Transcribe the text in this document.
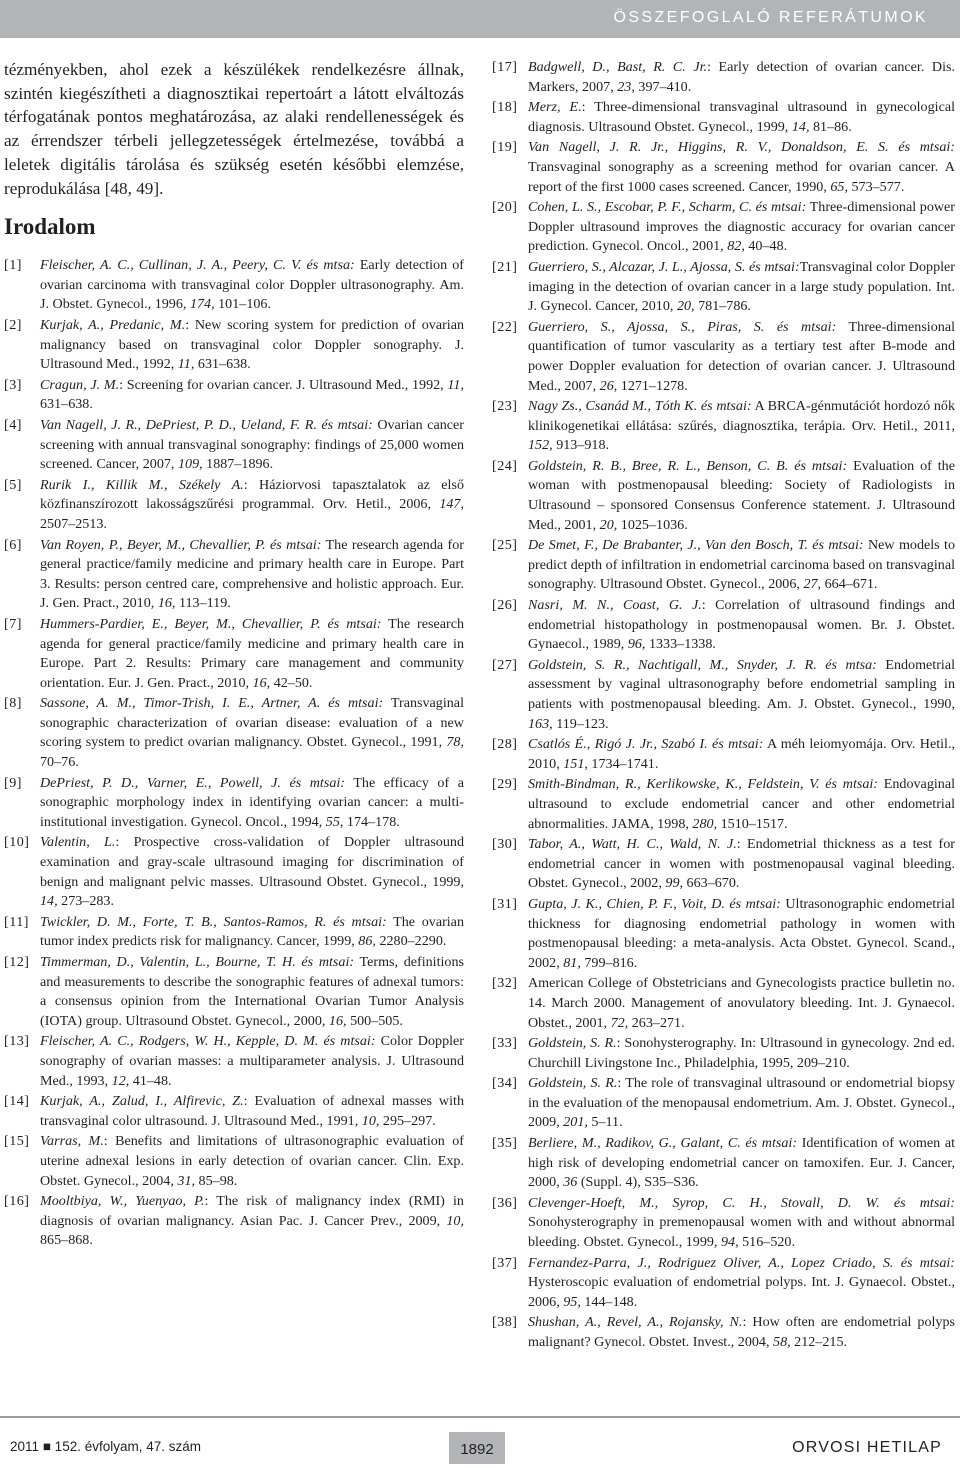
ÖSSZEFOGLALÓ REFERÁTUMOK

tézményekben, ahol ezek a készülékek rendelkezésre állnak, szintén kiegészítheti a diagnosztikai repertoárt a látott elváltozás térfogatának pontos meghatározása, az alaki rendellenességek és az érrendszer térbeli jellegzetességek értelmezése, továbbá a leletek digitális tárolása és szükség esetén későbbi elemzése, reprodukálása [48, 49].

Irodalom
[1] Fleischer, A. C., Cullinan, J. A., Peery, C. V. és mtsa: Early detection of ovarian carcinoma with transvaginal color Doppler ultrasonography. Am. J. Obstet. Gynecol., 1996, 174, 101–106.
[2] Kurjak, A., Predanic, M.: New scoring system for prediction of ovarian malignancy based on transvaginal color Doppler sonography. J. Ultrasound Med., 1992, 11, 631–638.
[3] Cragun, J. M.: Screening for ovarian cancer. J. Ultrasound Med., 1992, 11, 631–638.
[4] Van Nagell, J. R., DePriest, P. D., Ueland, F. R. és mtsai: Ovarian cancer screening with annual transvaginal sonography: findings of 25,000 women screened. Cancer, 2007, 109, 1887–1896.
[5] Rurik I., Killik M., Székely A.: Háziorvosi tapasztalatok az első közfinanszírozott lakosságszűrési programmal. Orv. Hetil., 2006, 147, 2507–2513.
[6] Van Royen, P., Beyer, M., Chevallier, P. és mtsai: The research agenda for general practice/family medicine and primary health care in Europe. Part 3. Results: person centred care, comprehensive and holistic approach. Eur. J. Gen. Pract., 2010, 16, 113–119.
[7] Hummers-Pardier, E., Beyer, M., Chevallier, P. és mtsai: The research agenda for general practice/family medicine and primary health care in Europe. Part 2. Results: Primary care management and community orientation. Eur. J. Gen. Pract., 2010, 16, 42–50.
[8] Sassone, A. M., Timor-Trish, I. E., Artner, A. és mtsai: Transvaginal sonographic characterization of ovarian disease: evaluation of a new scoring system to predict ovarian malignancy. Obstet. Gynecol., 1991, 78, 70–76.
[9] DePriest, P. D., Varner, E., Powell, J. és mtsai: The efficacy of a sonographic morphology index in identifying ovarian cancer: a multi-institutional investigation. Gynecol. Oncol., 1994, 55, 174–178.
[10] Valentin, L.: Prospective cross-validation of Doppler ultrasound examination and gray-scale ultrasound imaging for discrimination of benign and malignant pelvic masses. Ultrasound Obstet. Gynecol., 1999, 14, 273–283.
[11] Twickler, D. M., Forte, T. B., Santos-Ramos, R. és mtsai: The ovarian tumor index predicts risk for malignancy. Cancer, 1999, 86, 2280–2290.
[12] Timmerman, D., Valentin, L., Bourne, T. H. és mtsai: Terms, definitions and measurements to describe the sonographic features of adnexal tumors: a consensus opinion from the International Ovarian Tumor Analysis (IOTA) group. Ultrasound Obstet. Gynecol., 2000, 16, 500–505.
[13] Fleischer, A. C., Rodgers, W. H., Kepple, D. M. és mtsai: Color Doppler sonography of ovarian masses: a multiparameter analysis. J. Ultrasound Med., 1993, 12, 41–48.
[14] Kurjak, A., Zalud, I., Alfirevic, Z.: Evaluation of adnexal masses with transvaginal color ultrasound. J. Ultrasound Med., 1991, 10, 295–297.
[15] Varras, M.: Benefits and limitations of ultrasonographic evaluation of uterine adnexal lesions in early detection of ovarian cancer. Clin. Exp. Obstet. Gynecol., 2004, 31, 85–98.
[16] Mooltbiya, W., Yuenyao, P.: The risk of malignancy index (RMI) in diagnosis of ovarian malignancy. Asian Pac. J. Cancer Prev., 2009, 10, 865–868.
[17] Badgwell, D., Bast, R. C. Jr.: Early detection of ovarian cancer. Dis. Markers, 2007, 23, 397–410.
[18] Merz, E.: Three-dimensional transvaginal ultrasound in gynecological diagnosis. Ultrasound Obstet. Gynecol., 1999, 14, 81–86.
[19] Van Nagell, J. R. Jr., Higgins, R. V., Donaldson, E. S. és mtsai: Transvaginal sonography as a screening method for ovarian cancer. A report of the first 1000 cases screened. Cancer, 1990, 65, 573–577.
[20] Cohen, L. S., Escobar, P. F., Scharm, C. és mtsai: Three-dimensional power Doppler ultrasound improves the diagnostic accuracy for ovarian cancer prediction. Gynecol. Oncol., 2001, 82, 40–48.
[21] Guerriero, S., Alcazar, J. L., Ajossa, S. és mtsai:Transvaginal color Doppler imaging in the detection of ovarian cancer in a large study population. Int. J. Gynecol. Cancer, 2010, 20, 781–786.
[22] Guerriero, S., Ajossa, S., Piras, S. és mtsai: Three-dimensional quantification of tumor vascularity as a tertiary test after B-mode and power Doppler evaluation for detection of ovarian cancer. J. Ultrasound Med., 2007, 26, 1271–1278.
[23] Nagy Zs., Csanád M., Tóth K. és mtsai: A BRCA-génmutációt hordozó nők klinikogenetikai ellátása: szűrés, diagnosztika, terápia. Orv. Hetil., 2011, 152, 913–918.
[24] Goldstein, R. B., Bree, R. L., Benson, C. B. és mtsai: Evaluation of the woman with postmenopausal bleeding: Society of Radiologists in Ultrasound – sponsored Consensus Conference statement. J. Ultrasound Med., 2001, 20, 1025–1036.
[25] De Smet, F., De Brabanter, J., Van den Bosch, T. és mtsai: New models to predict depth of infiltration in endometrial carcinoma based on transvaginal sonography. Ultrasound Obstet. Gynecol., 2006, 27, 664–671.
[26] Nasri, M. N., Coast, G. J.: Correlation of ultrasound findings and endometrial histopathology in postmenopausal women. Br. J. Obstet. Gynaecol., 1989, 96, 1333–1338.
[27] Goldstein, S. R., Nachtigall, M., Snyder, J. R. és mtsa: Endometrial assessment by vaginal ultrasonography before endometrial sampling in patients with postmenopausal bleeding. Am. J. Obstet. Gynecol., 1990, 163, 119–123.
[28] Csatlós É., Rigó J. Jr., Szabó I. és mtsai: A méh leiomyomája. Orv. Hetil., 2010, 151, 1734–1741.
[29] Smith-Bindman, R., Kerlikowske, K., Feldstein, V. és mtsai: Endovaginal ultrasound to exclude endometrial cancer and other endometrial abnormalities. JAMA, 1998, 280, 1510–1517.
[30] Tabor, A., Watt, H. C., Wald, N. J.: Endometrial thickness as a test for endometrial cancer in women with postmenopausal vaginal bleeding. Obstet. Gynecol., 2002, 99, 663–670.
[31] Gupta, J. K., Chien, P. F., Voit, D. és mtsai: Ultrasonographic endometrial thickness for diagnosing endometrial pathology in women with postmenopausal bleeding: a meta-analysis. Acta Obstet. Gynecol. Scand., 2002, 81, 799–816.
[32] American College of Obstetricians and Gynecologists practice bulletin no. 14. March 2000. Management of anovulatory bleeding. Int. J. Gynaecol. Obstet., 2001, 72, 263–271.
[33] Goldstein, S. R.: Sonohysterography. In: Ultrasound in gynecology. 2nd ed. Churchill Livingstone Inc., Philadelphia, 1995, 209–210.
[34] Goldstein, S. R.: The role of transvaginal ultrasound or endometrial biopsy in the evaluation of the menopausal endometrium. Am. J. Obstet. Gynecol., 2009, 201, 5–11.
[35] Berliere, M., Radikov, G., Galant, C. és mtsai: Identification of women at high risk of developing endometrial cancer on tamoxifen. Eur. J. Cancer, 2000, 36 (Suppl. 4), S35–S36.
[36] Clevenger-Hoeft, M., Syrop, C. H., Stovall, D. W. és mtsai: Sonohysterography in premenopausal women with and without abnormal bleeding. Obstet. Gynecol., 1999, 94, 516–520.
[37] Fernandez-Parra, J., Rodriguez Oliver, A., Lopez Criado, S. és mtsai: Hysteroscopic evaluation of endometrial polyps. Int. J. Gynaecol. Obstet., 2006, 95, 144–148.
[38] Shushan, A., Revel, A., Rojansky, N.: How often are endometrial polyps malignant? Gynecol. Obstet. Invest., 2004, 58, 212–215.
2011 ■ 152. évfolyam, 47. szám	1892	ORVOSI HETILAP
